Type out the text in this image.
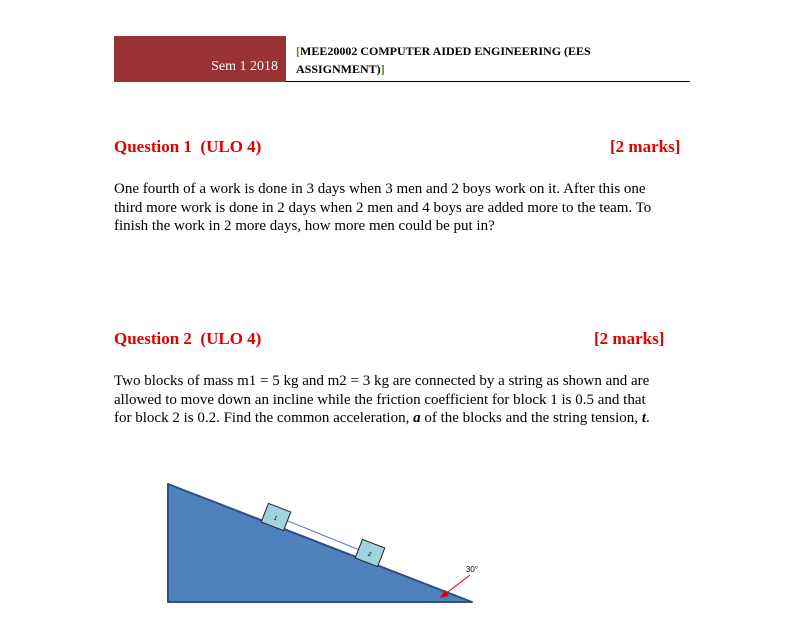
Sem 1 2018
[MEE20002 COMPUTER AIDED ENGINEERING (EES
ASSIGNMENT)]
Question 1  (ULO 4)	[2 marks]
One fourth of a work is done in 3 days when 3 men and 2 boys work on it. After this one
third more work is done in 2 days when 2 men and 4 boys are added more to the team. To
finish the work in 2 more days, how more men could be put in?
Question 2  (ULO 4)	[2 marks]
Two blocks of mass m1 = 5 kg and m2 = 3 kg are connected by a string as shown and are
allowed to move down an incline while the friction coefficient for block 1 is 0.5 and that
for block 2 is 0.2. Find the common acceleration, a of the blocks and the string tension, t.
1
2
30°
